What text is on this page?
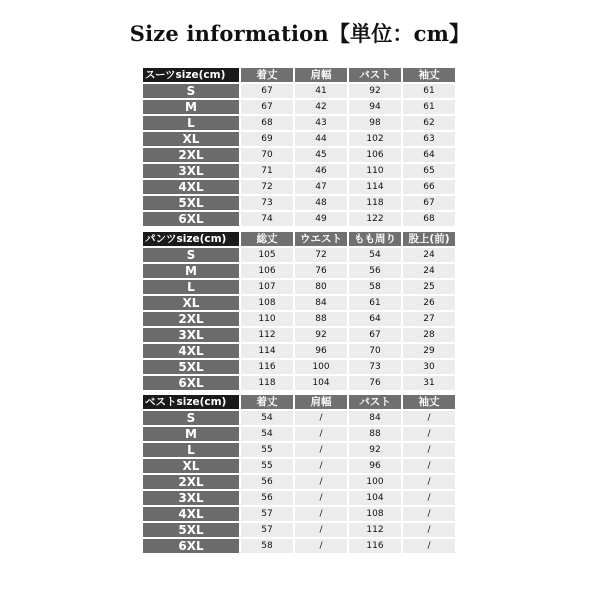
Size information【単位：cm】
スーツsize(cm)	着丈	肩幅	バスト	袖丈
S	67	41	92	61
M	67	42	94	61
L	68	43	98	62
XL	69	44	102	63
2XL	70	45	106	64
3XL	71	46	110	65
4XL	72	47	114	66
5XL	73	48	118	67
6XL	74	49	122	68
パンツsize(cm)	総丈	ウエスト	もも周り	股上(前)
S	105	72	54	24
M	106	76	56	24
L	107	80	58	25
XL	108	84	61	26
2XL	110	88	64	27
3XL	112	92	67	28
4XL	114	96	70	29
5XL	116	100	73	30
6XL	118	104	76	31
ベストsize(cm)	着丈	肩幅	バスト	袖丈
S	54	/	84	/
M	54	/	88	/
L	55	/	92	/
XL	55	/	96	/
2XL	56	/	100	/
3XL	56	/	104	/
4XL	57	/	108	/
5XL	57	/	112	/
6XL	58	/	116	/
